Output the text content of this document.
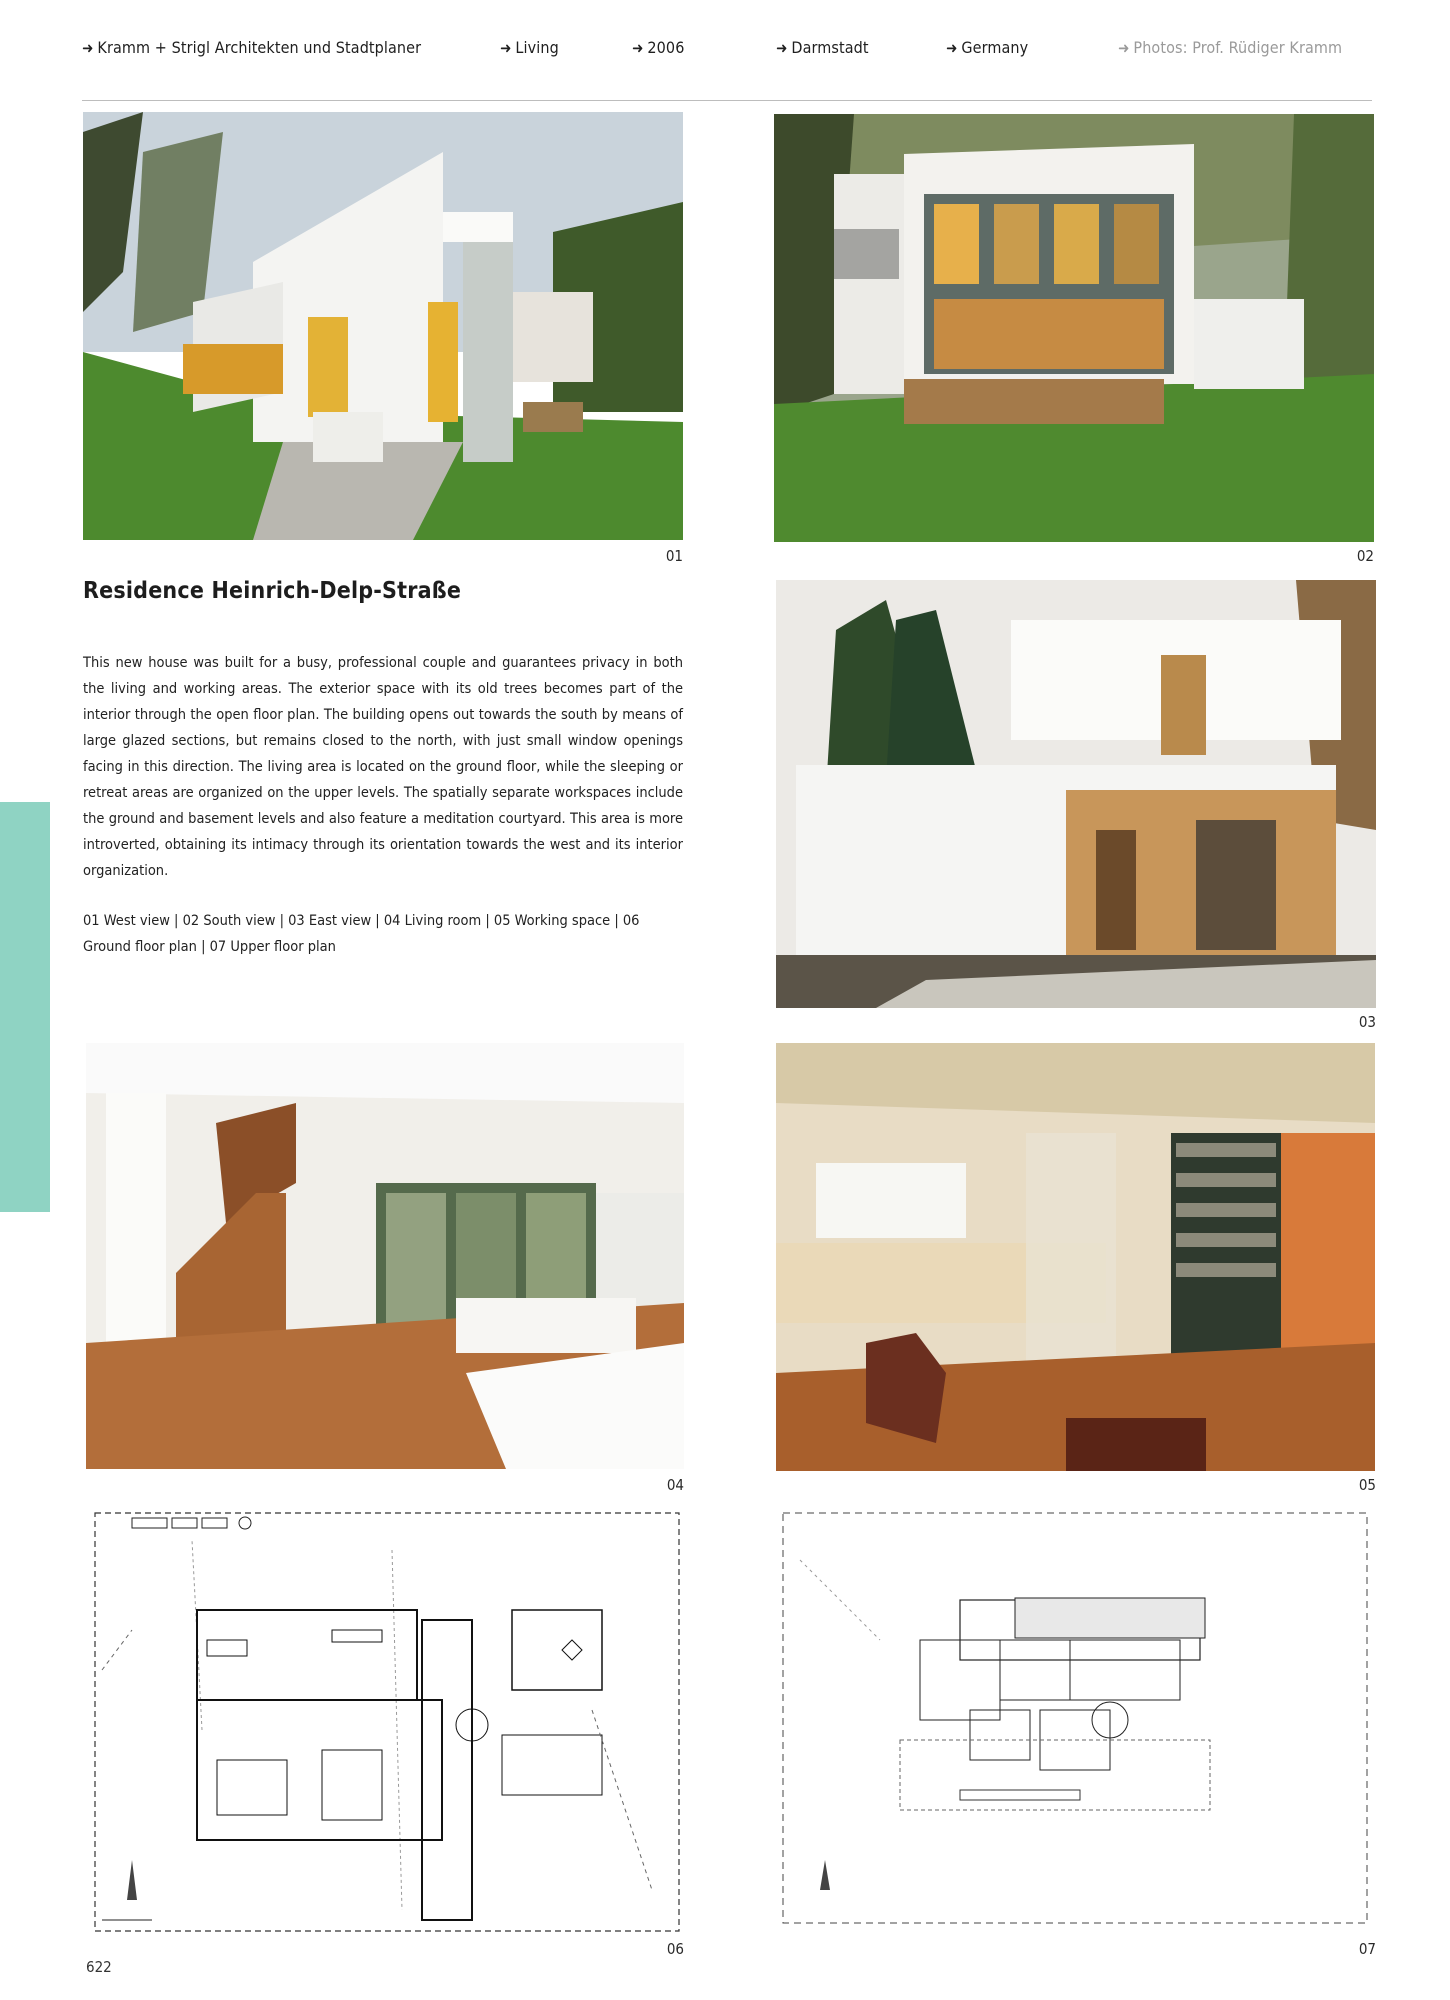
➜ Kramm + Strigl Architekten und Stadtplaner	➜ Living	➜ 2006	➜ Darmstadt	➜ Germany	➜ Photos: Prof. Rüdiger Kramm
01	02
Residence Heinrich-Delp-Straße
This new house was built for a busy, professional couple and guarantees privacy in both the living and working areas. The exterior space with its old trees becomes part of the interior through the open floor plan. The building opens out towards the south by means of large glazed sections, but remains closed to the north, with just small window openings facing in this direction. The living area is located on the ground floor, while the sleeping or retreat areas are organized on the upper levels. The spatially separate workspaces include the ground and basement levels and also feature a meditation courtyard. This area is more introverted, obtaining its intimacy through its orientation towards the west and its interior organization.
01 West view | 02 South view | 03 East view | 04 Living room | 05 Working space | 06 Ground floor plan | 07 Upper floor plan
03
04	05
06	07
622
